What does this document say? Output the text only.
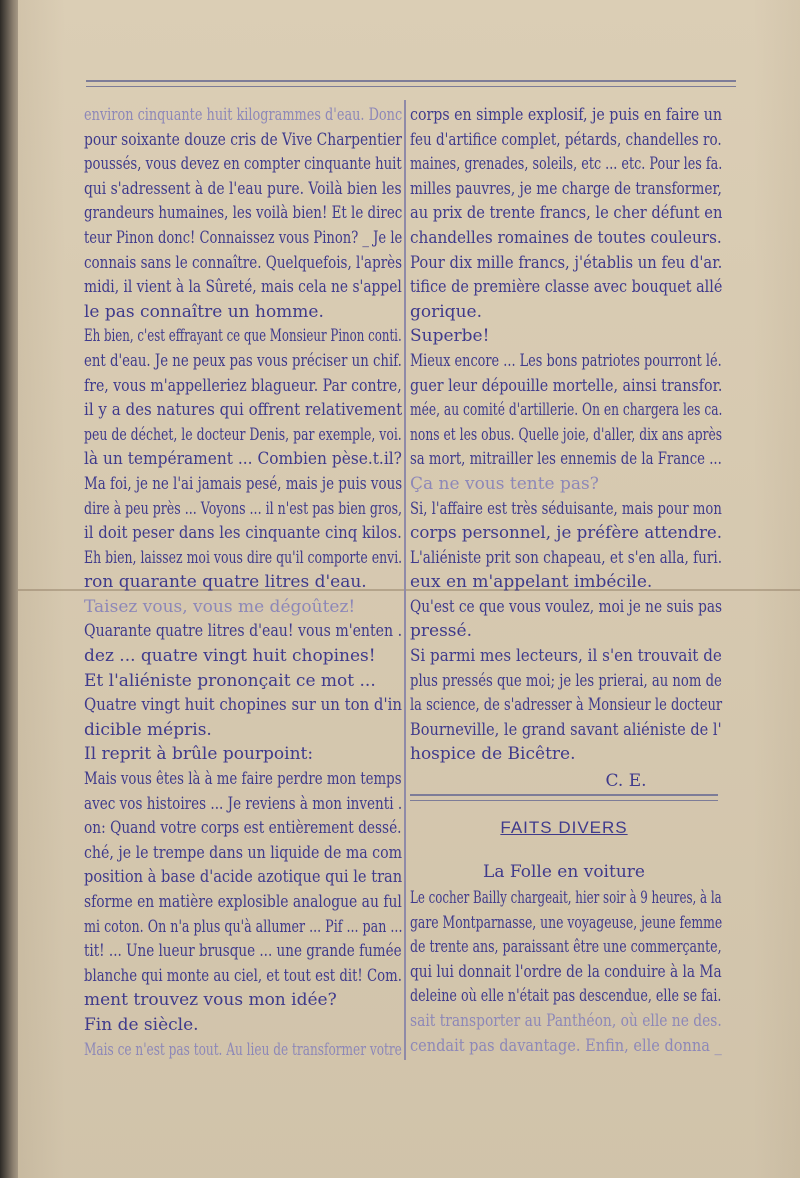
environ cinquante huit kilogrammes d'eau. Donc
pour soixante douze cris de Vive Charpentier
poussés, vous devez en compter cinquante huit
qui s'adressent à de l'eau pure. Voilà bien les
grandeurs humaines, les voilà bien! Et le direc
teur Pinon donc! Connaissez vous Pinon? _ Je le
connais sans le connaître. Quelquefois, l'après
midi, il vient à la Sûreté, mais cela ne s'appel
le pas connaître un homme.
Eh bien, c'est effrayant ce que Monsieur Pinon conti.
ent d'eau. Je ne peux pas vous préciser un chif.
fre, vous m'appelleriez blagueur. Par contre,
il y a des natures qui offrent relativement
peu de déchet, le docteur Denis, par exemple, voi.
là un tempérament ... Combien pèse.t.il?
Ma foi, je ne l'ai jamais pesé, mais je puis vous
dire à peu près ... Voyons ... il n'est pas bien gros,
il doit peser dans les cinquante cinq kilos.
Eh bien, laissez moi vous dire qu'il comporte envi.
ron quarante quatre litres d'eau.
Taisez vous, vous me dégoûtez!
Quarante quatre litres d'eau! vous m'enten .
dez ... quatre vingt huit chopines!
Et l'aliéniste prononçait ce mot ...
Quatre vingt huit chopines sur un ton d'in
dicible mépris.
Il reprit à brûle pourpoint:
Mais vous êtes là à me faire perdre mon temps
avec vos histoires ... Je reviens à mon inventi .
on: Quand votre corps est entièrement dessé.
ché, je le trempe dans un liquide de ma com
position à base d'acide azotique qui le tran
sforme en matière explosible analogue au ful
mi coton. On n'a plus qu'à allumer ... Pif ... pan ...
tit! ... Une lueur brusque ... une grande fumée
blanche qui monte au ciel, et tout est dit! Com.
ment trouvez vous mon idée?
Fin de siècle.
Mais ce n'est pas tout. Au lieu de transformer votre
corps en simple explosif, je puis en faire un
feu d'artifice complet, pétards, chandelles ro.
maines, grenades, soleils, etc ... etc. Pour les fa.
milles pauvres, je me charge de transformer,
au prix de trente francs, le cher défunt en
chandelles romaines de toutes couleurs.
Pour dix mille francs, j'établis un feu d'ar.
tifice de première classe avec bouquet allé
gorique.
Superbe!
Mieux encore ... Les bons patriotes pourront lé.
guer leur dépouille mortelle, ainsi transfor.
mée, au comité d'artillerie. On en chargera les ca.
nons et les obus. Quelle joie, d'aller, dix ans après
sa mort, mitrailler les ennemis de la France ...
Ça ne vous tente pas?
Si, l'affaire est très séduisante, mais pour mon
corps personnel, je préfère attendre.
L'aliéniste prit son chapeau, et s'en alla, furi.
eux en m'appelant imbécile.
Qu'est ce que vous voulez, moi je ne suis pas
pressé.
Si parmi mes lecteurs, il s'en trouvait de
plus pressés que moi; je les prierai, au nom de
la science, de s'adresser à Monsieur le docteur
Bourneville, le grand savant aliéniste de l'
hospice de Bicêtre.
C. E.
FAITS DIVERS
La Folle en voiture
Le cocher Bailly chargeait, hier soir à 9 heures, à la
gare Montparnasse, une voyageuse, jeune femme
de trente ans, paraissant être une commerçante,
qui lui donnait l'ordre de la conduire à la Ma
deleine où elle n'était pas descendue, elle se fai.
sait transporter au Panthéon, où elle ne des.
cendait pas davantage. Enfin, elle donna _
